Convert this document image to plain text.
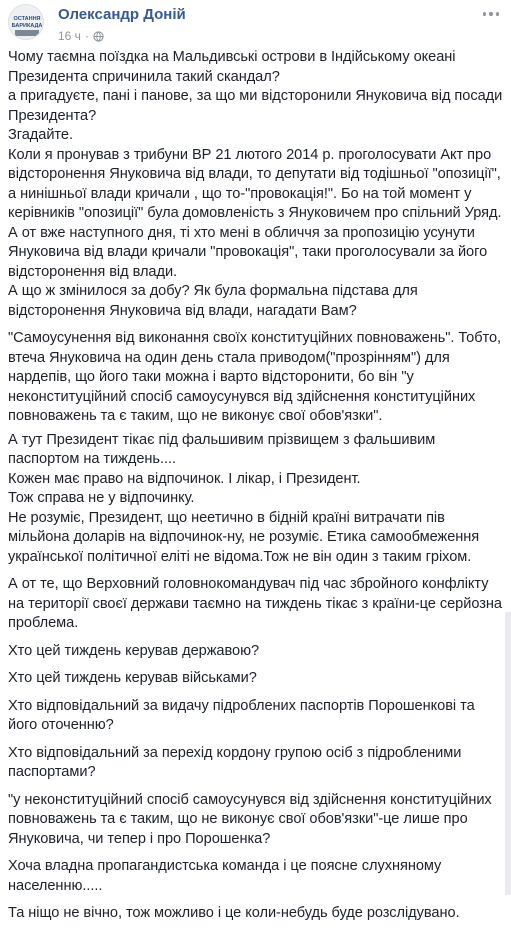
ОСТАННЯ
БАРИКАДА
Олександр Доній
16 ч ·

Чому таємна поїздка на Мальдивські острови в Індійському океані Президента спричинила такий скандал?

а пригадуєте, пані і панове, за що ми відсторонили Януковича від посади Президента?

Згадайте.

Коли я пронував з трибуни ВР 21 лютого 2014 р. проголосувати Акт про відсторонення Януковича від влади, то депутати від тодішньої "опозиції", а нинішньої влади кричали , що то-"провокація!". Бо на той момент у керівників "опозиції" була домовленість з Януковичем про спільний Уряд.

А от вже наступного дня, ті хто мені в обличчя за пропозицію усунути Януковича від влади кричали "провокація", таки проголосували за його відсторонення від влади.

А що ж змінилося за добу? Як була формальна підстава для відсторонення Януковича від влади, нагадати Вам?

"Самоусунення від виконання своїх конституційних повноважень". Тобто, втеча Януковича на один день стала приводом("прозрінням") для нардепів, що його таки можна і варто відсторонити, бо він "у неконституційний спосіб самоусунувся від здійснення конституційних повноважень та є таким, що не виконує свої обов'язки".

А тут Президент тікає під фальшивим прізвищем з фальшивим паспортом на тиждень....

Кожен має право на відпочинок. І лікар, і Президент.

Тож справа не у відпочинку.

Не розуміє, Президент, що неетично в бідній країні витрачати пів мільйона доларів на відпочинок-ну, не розуміє. Етика самообмеження української політичної еліті не відома.Тож не він один з таким гріхом.

А от те, що Верховний головнокомандувач під час збройного конфлікту на території своєї держави таємно на тиждень тікає з країни-це серйозна проблема.

Хто цей тиждень керував державою?

Хто цей тиждень керував військами?

Хто відповідальний за видачу підроблених паспортів Порошенкові та його оточенню?

Хто відповідальний за перехід кордону групою осіб з підробленими паспортами?

"у неконституційний спосіб самоусунувся від здійснення конституційних повноважень та є таким, що не виконує свої обов'язки"-це лише про Януковича, чи тепер і про Порошенка?

Хоча владна пропагандистська команда і це поясне слухняному населенню.....

Та ніщо не вічно, тож можливо і це коли-небудь буде розслідувано.
